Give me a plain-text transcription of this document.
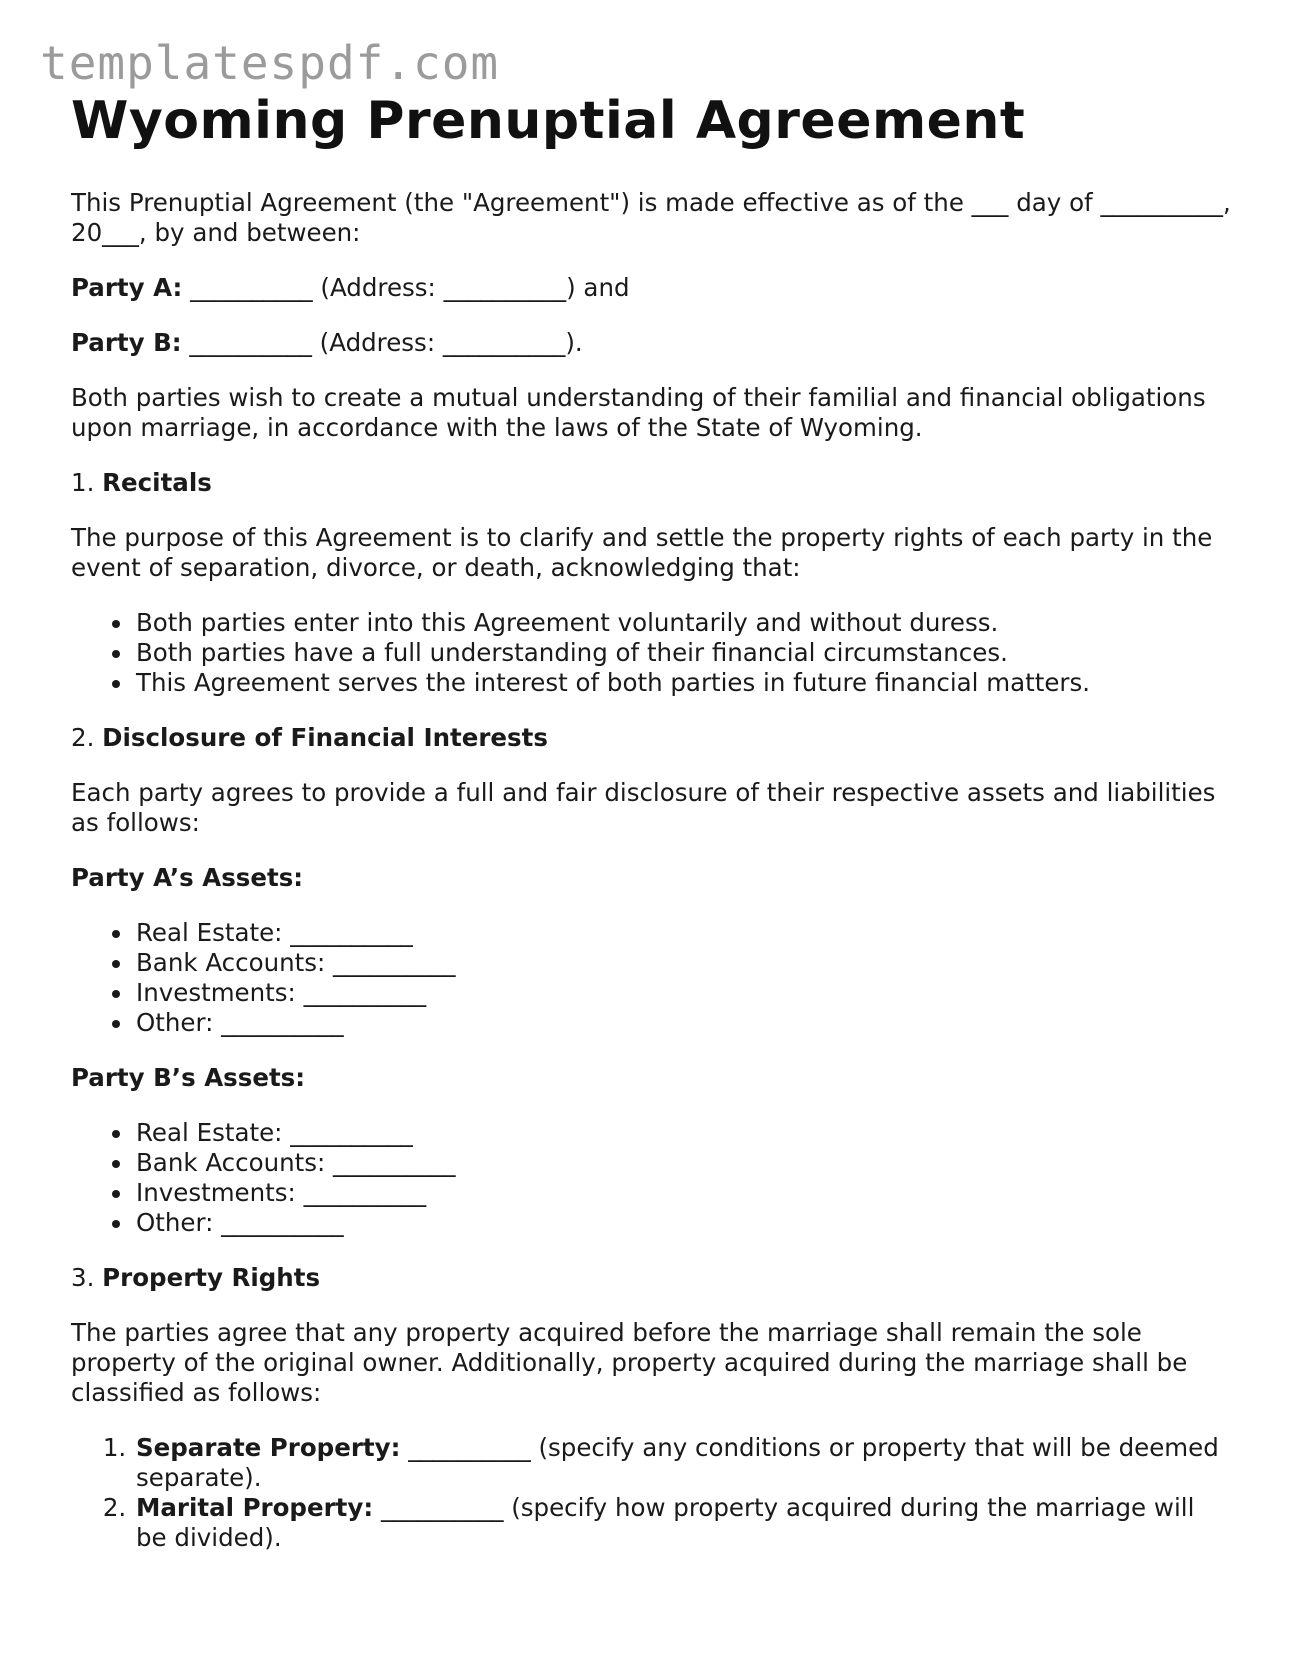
templatespdf.com
Wyoming Prenuptial Agreement

This Prenuptial Agreement (the "Agreement") is made effective as of the ___ day of __________, 20___, by and between:

Party A: __________ (Address: __________) and

Party B: __________ (Address: __________).

Both parties wish to create a mutual understanding of their familial and financial obligations upon marriage, in accordance with the laws of the State of Wyoming.

1. Recitals

The purpose of this Agreement is to clarify and settle the property rights of each party in the event of separation, divorce, or death, acknowledging that:

• Both parties enter into this Agreement voluntarily and without duress.
• Both parties have a full understanding of their financial circumstances.
• This Agreement serves the interest of both parties in future financial matters.
2. Disclosure of Financial Interests

Each party agrees to provide a full and fair disclosure of their respective assets and liabilities as follows:

Party A’s Assets:

• Real Estate: __________
• Bank Accounts: __________
• Investments: __________
• Other: __________

Party B’s Assets:

• Real Estate: __________
• Bank Accounts: __________
• Investments: __________
• Other: __________
3. Property Rights

The parties agree that any property acquired before the marriage shall remain the sole property of the original owner. Additionally, property acquired during the marriage shall be classified as follows:

1. Separate Property: __________ (specify any conditions or property that will be deemed separate).
2. Marital Property: __________ (specify how property acquired during the marriage will be divided).
